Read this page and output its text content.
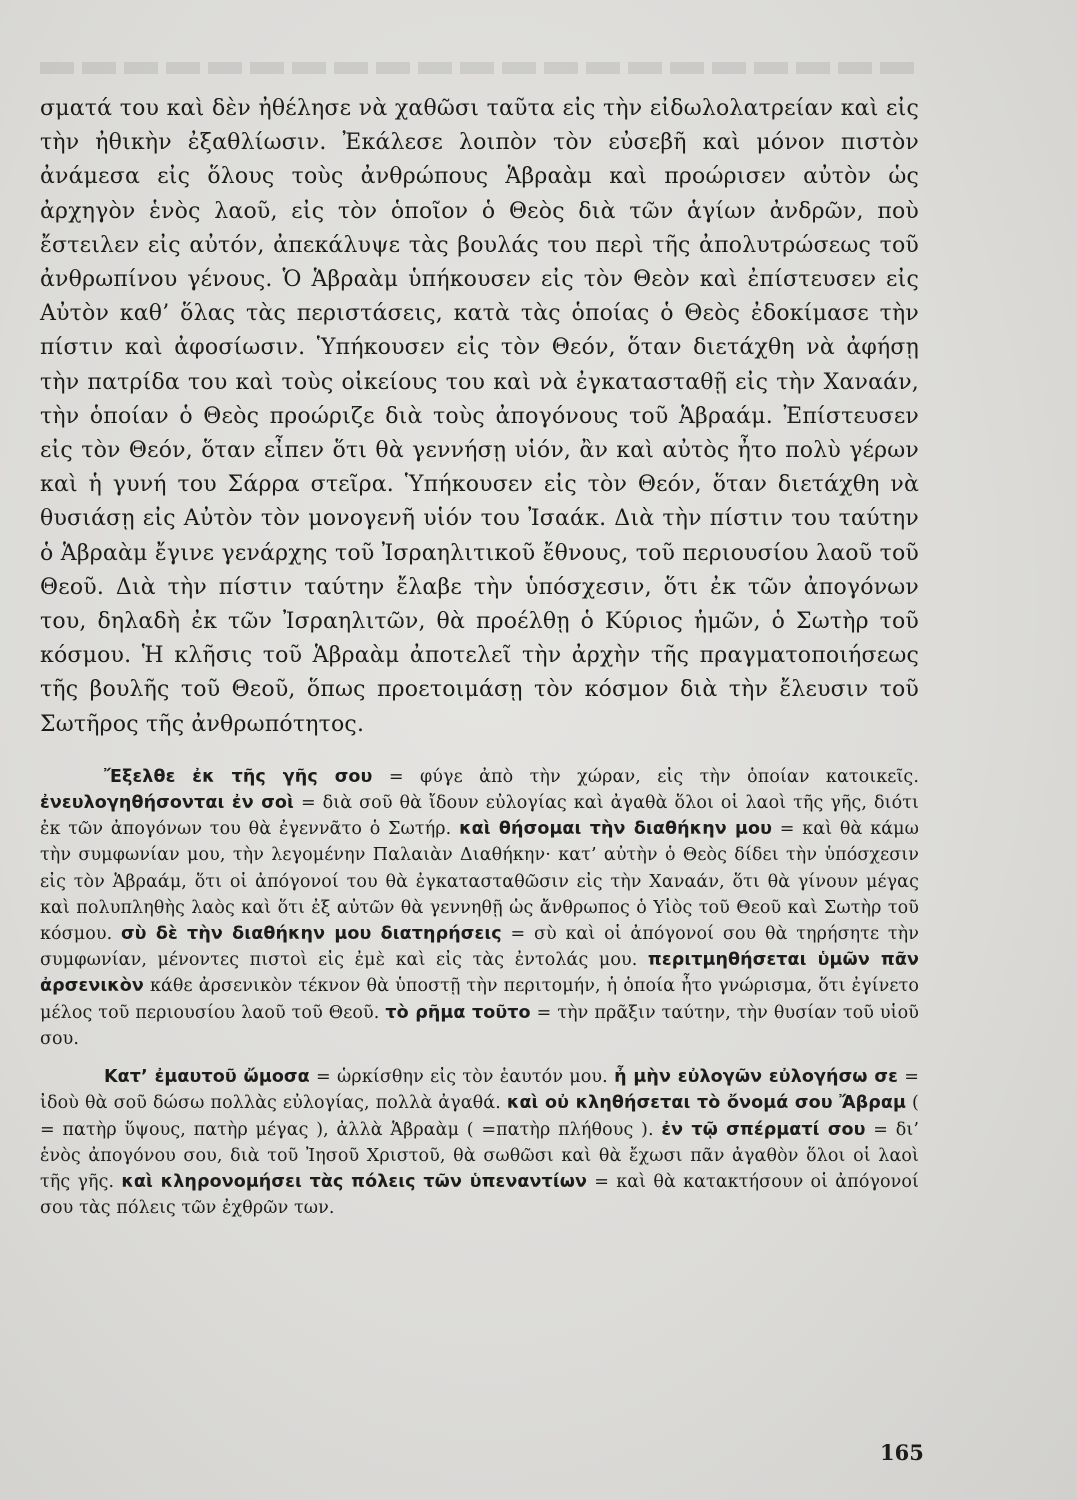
σματά του καὶ δὲν ἠθέλησε νὰ χαθῶσι ταῦτα εἰς τὴν εἰδωλολατρείαν καὶ εἰς τὴν ἠθικὴν ἐξαθλίωσιν. Ἐκάλεσε λοιπὸν τὸν εὐσεβῆ καὶ μόνον πιστὸν ἀνάμεσα εἰς ὅλους τοὺς ἀνθρώπους Ἁβραὰμ καὶ προώρισεν αὐτὸν ὡς ἀρχηγὸν ἑνὸς λαοῦ, εἰς τὸν ὁποῖον ὁ Θεὸς διὰ τῶν ἁγίων ἀνδρῶν, ποὺ ἔστειλεν εἰς αὐτόν, ἀπεκάλυψε τὰς βουλάς του περὶ τῆς ἀπολυτρώσεως τοῦ ἀνθρωπίνου γένους. Ὁ Ἁβραὰμ ὑπήκουσεν εἰς τὸν Θεὸν καὶ ἐπίστευσεν εἰς Αὐτὸν καθ’ ὅλας τὰς περιστάσεις, κατὰ τὰς ὁποίας ὁ Θεὸς ἐδοκίμασε τὴν πίστιν καὶ ἀφοσίωσιν. Ὑπήκουσεν εἰς τὸν Θεόν, ὅταν διετάχθη νὰ ἀφήσῃ τὴν πατρίδα του καὶ τοὺς οἰκείους του καὶ νὰ ἐγκατασταθῇ εἰς τὴν Χαναάν, τὴν ὁποίαν ὁ Θεὸς προώριζε διὰ τοὺς ἀπογόνους τοῦ Ἁβραάμ. Ἐπίστευσεν εἰς τὸν Θεόν, ὅταν εἶπεν ὅτι θὰ γεννήσῃ υἱόν, ἂν καὶ αὐτὸς ἦτο πολὺ γέρων καὶ ἡ γυνή του Σάρρα στεῖρα. Ὑπήκουσεν εἰς τὸν Θεόν, ὅταν διετάχθη νὰ θυσιάσῃ εἰς Αὐτὸν τὸν μονογενῆ υἱόν του Ἰσαάκ. Διὰ τὴν πίστιν του ταύτην ὁ Ἁβραὰμ ἔγινε γενάρχης τοῦ Ἰσραηλιτικοῦ ἔθνους, τοῦ περιουσίου λαοῦ τοῦ Θεοῦ. Διὰ τὴν πίστιν ταύτην ἔλαβε τὴν ὑπόσχεσιν, ὅτι ἐκ τῶν ἀπογόνων του, δηλαδὴ ἐκ τῶν Ἰσραηλιτῶν, θὰ προέλθῃ ὁ Κύριος ἡμῶν, ὁ Σωτὴρ τοῦ κόσμου. Ἡ κλῆσις τοῦ Ἁβραὰμ ἀποτελεῖ τὴν ἀρχὴν τῆς πραγματοποιήσεως τῆς βουλῆς τοῦ Θεοῦ, ὅπως προετοιμάσῃ τὸν κόσμον διὰ τὴν ἔλευσιν τοῦ Σωτῆρος τῆς ἀνθρωπότητος.

Ἔξελθε ἐκ τῆς γῆς σου = φύγε ἀπὸ τὴν χώραν, εἰς τὴν ὁποίαν κατοικεῖς. ἐνευλογηθήσονται ἐν σοὶ = διὰ σοῦ θὰ ἴδουν εὐλογίας καὶ ἀγαθὰ ὅλοι οἱ λαοὶ τῆς γῆς, διότι ἐκ τῶν ἀπογόνων του θὰ ἐγεννᾶτο ὁ Σωτήρ. καὶ θήσομαι τὴν διαθήκην μου = καὶ θὰ κάμω τὴν συμφωνίαν μου, τὴν λεγομένην Παλαιὰν Διαθήκην· κατ’ αὐτὴν ὁ Θεὸς δίδει τὴν ὑπόσχεσιν εἰς τὸν Ἁβραάμ, ὅτι οἱ ἀπόγονοί του θὰ ἐγκατασταθῶσιν εἰς τὴν Χαναάν, ὅτι θὰ γίνουν μέγας καὶ πολυπληθὴς λαὸς καὶ ὅτι ἐξ αὐτῶν θὰ γεννηθῇ ὡς ἄνθρωπος ὁ Υἱὸς τοῦ Θεοῦ καὶ Σωτὴρ τοῦ κόσμου. σὺ δὲ τὴν διαθήκην μου διατηρήσεις = σὺ καὶ οἱ ἀπόγονοί σου θὰ τηρήσητε τὴν συμφωνίαν, μένοντες πιστοὶ εἰς ἐμὲ καὶ εἰς τὰς ἐντολάς μου. περιτμηθήσεται ὑμῶν πᾶν ἀρσενικὸν κάθε ἀρσενικὸν τέκνον θὰ ὑποστῇ τὴν περιτομήν, ἡ ὁποία ἦτο γνώρισμα, ὅτι ἐγίνετο μέλος τοῦ περιουσίου λαοῦ τοῦ Θεοῦ. τὸ ρῆμα τοῦτο = τὴν πρᾶξιν ταύτην, τὴν θυσίαν τοῦ υἱοῦ σου.

Κατ’ ἐμαυτοῦ ὤμοσα = ὡρκίσθην εἰς τὸν ἑαυτόν μου. ἦ μὴν εὐλογῶν εὐλογήσω σε = ἰδοὺ θὰ σοῦ δώσω πολλὰς εὐλογίας, πολλὰ ἀγαθά. καὶ οὐ κληθήσεται τὸ ὄνομά σου Ἄβραμ ( = πατὴρ ὕψους, πατὴρ μέγας ), ἀλλὰ Ἁβραὰμ ( =πατὴρ πλήθους ). ἐν τῷ σπέρματί σου = δι’ ἑνὸς ἀπογόνου σου, διὰ τοῦ Ἰησοῦ Χριστοῦ, θὰ σωθῶσι καὶ θὰ ἔχωσι πᾶν ἀγαθὸν ὅλοι οἱ λαοὶ τῆς γῆς. καὶ κληρονομήσει τὰς πόλεις τῶν ὑπεναντίων = καὶ θὰ κατακτήσουν οἱ ἀπόγονοί σου τὰς πόλεις τῶν ἐχθρῶν των.

165
